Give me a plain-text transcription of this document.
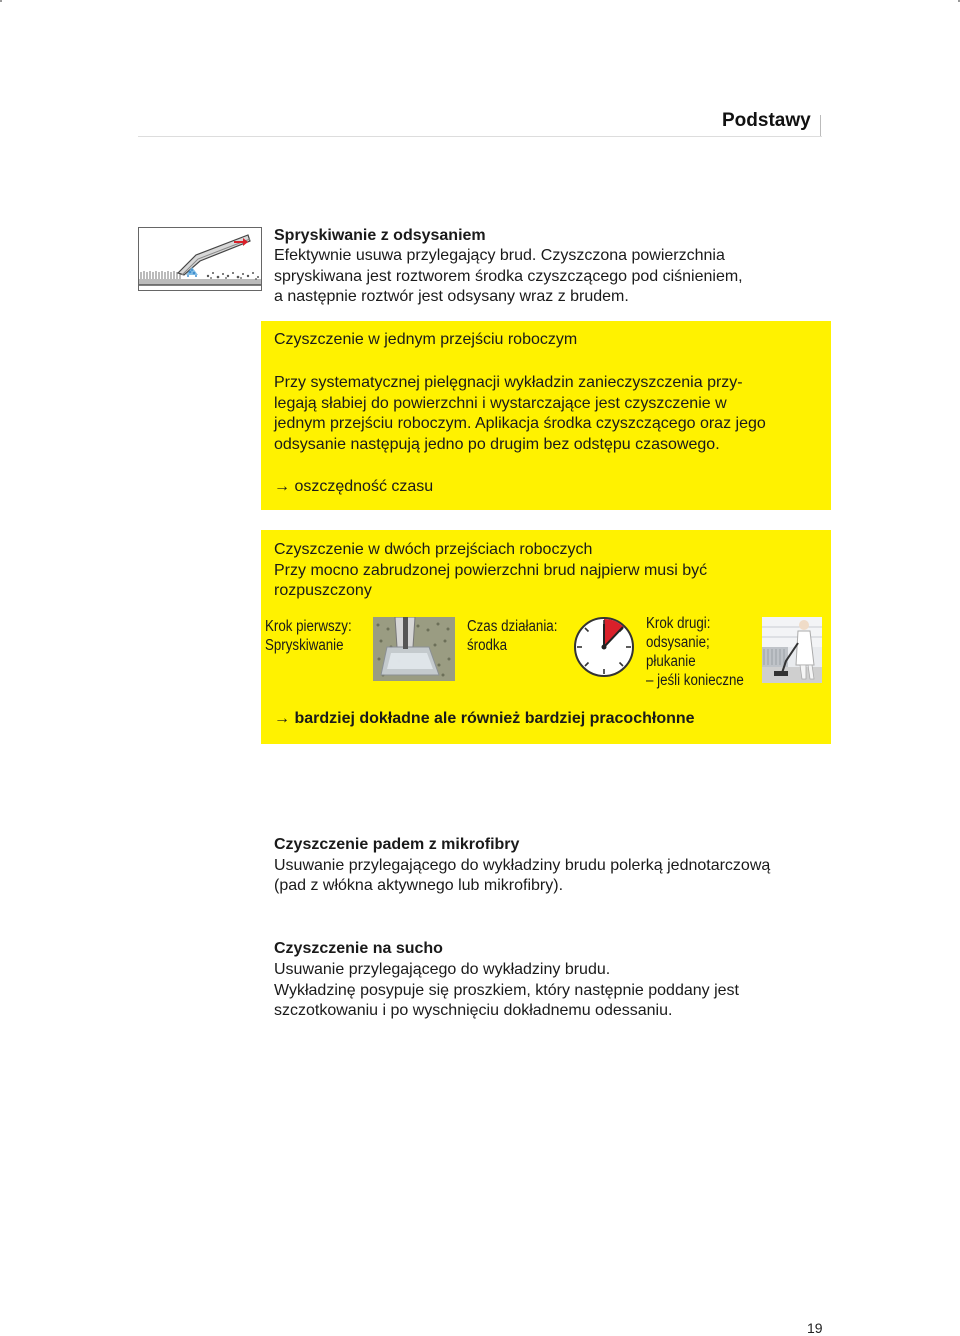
Podstawy
Spryskiwanie z odsysaniem
Efektywnie usuwa przylegający brud. Czyszczona powierzchnia
spryskiwana jest roztworem środka czyszczącego pod ciśnieniem,
a następnie roztwór jest odsysany wraz z brudem.
Czyszczenie w jednym przejściu roboczym
Przy systematycznej pielęgnacji wykładzin zanieczyszczenia przy-
legają słabiej do powierzchni i wystarczające jest czyszczenie w
jednym przejściu roboczym. Aplikacja środka czyszczącego oraz jego
odsysanie następują jedno po drugim bez odstępu czasowego.
→ oszczędność czasu
Czyszczenie w dwóch przejściach roboczych
Przy mocno zabrudzonej powierzchni brud najpierw musi być
rozpuszczony
Krok pierwszy:
Spryskiwanie
Czas działania:
środka
Krok drugi:
odsysanie;
płukanie
– jeśli konieczne
→ bardziej dokładne ale również bardziej pracochłonne
Czyszczenie padem z mikrofibry
Usuwanie przylegającego do wykładziny brudu polerką jednotarczową
(pad z włókna aktywnego lub mikrofibry).
Czyszczenie na sucho
Usuwanie przylegającego do wykładziny brudu.
Wykładzinę posypuje się proszkiem, który następnie poddany jest
szczotkowaniu i po wyschnięciu dokładnemu odessaniu.
19
